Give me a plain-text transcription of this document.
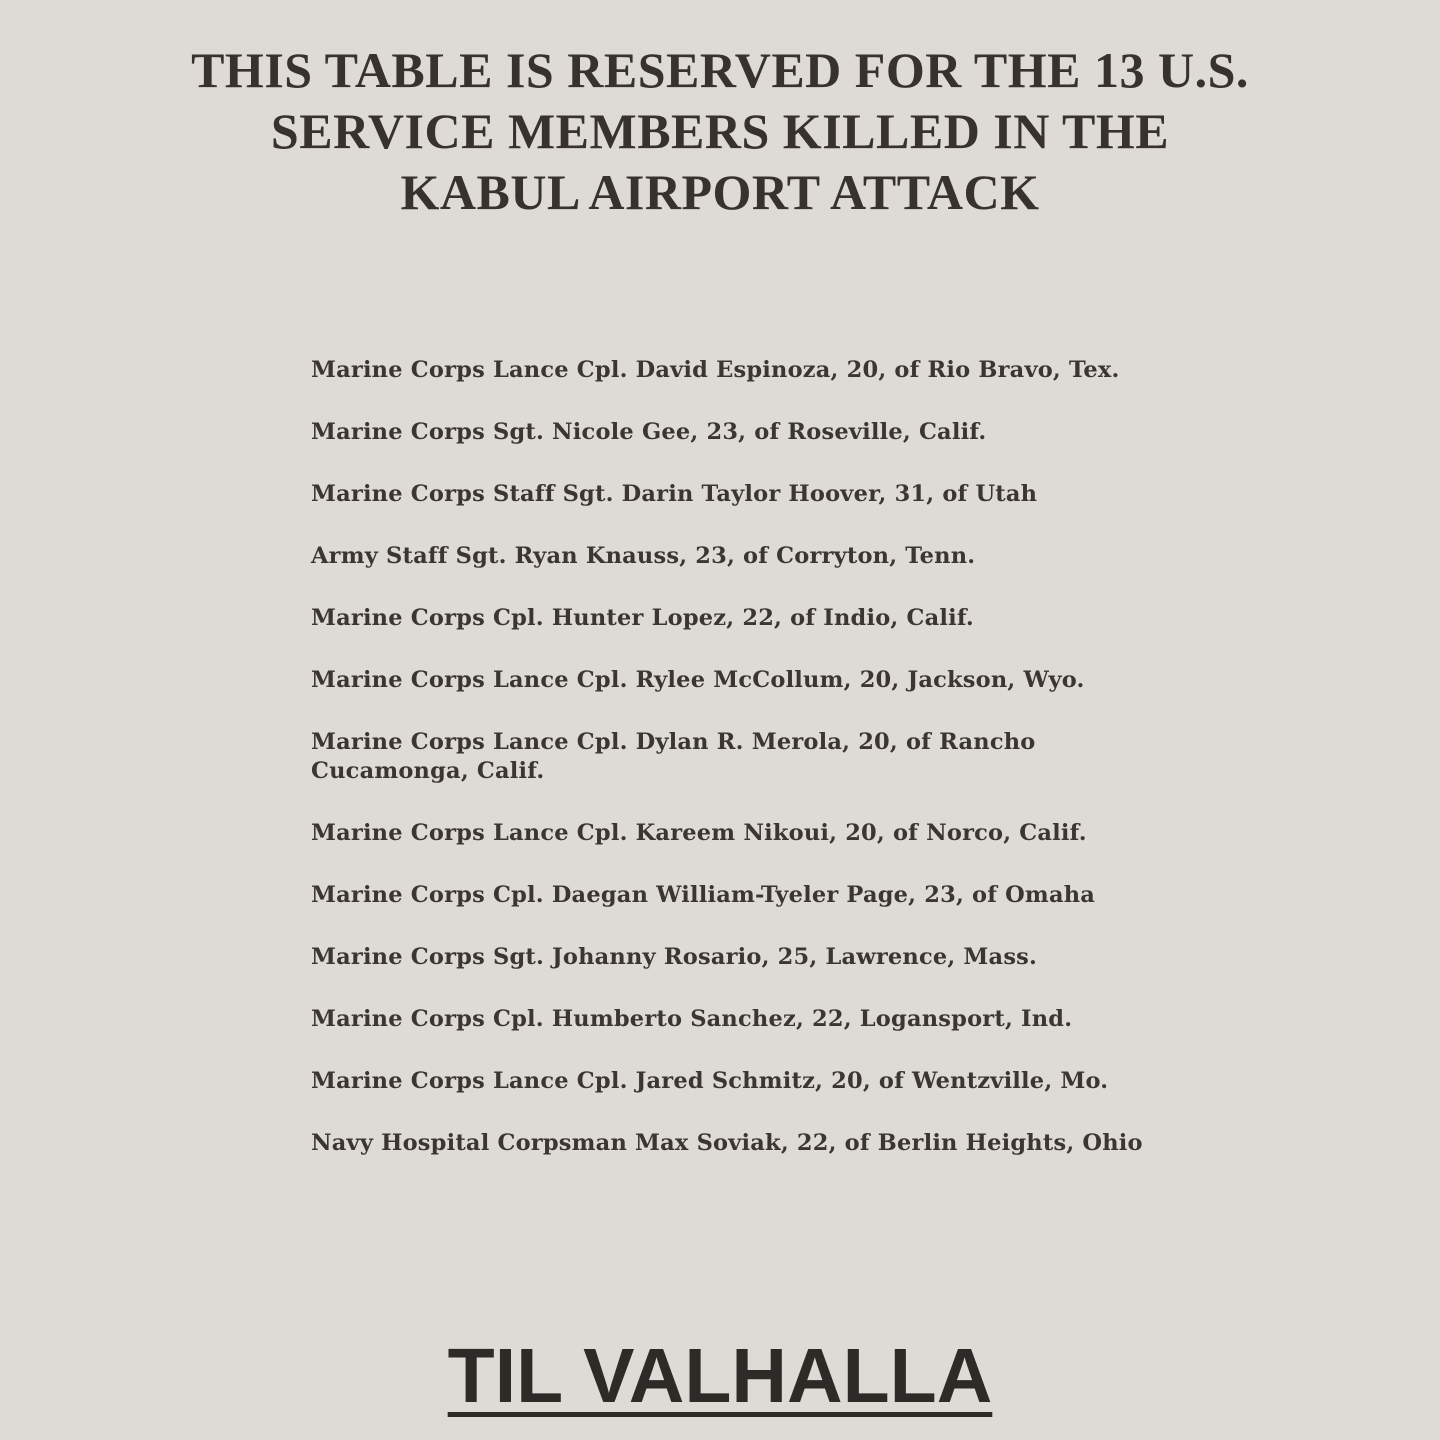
THIS TABLE IS RESERVED FOR THE 13 U.S.
SERVICE MEMBERS KILLED IN THE
KABUL AIRPORT ATTACK
Marine Corps Lance Cpl. David Espinoza, 20, of Rio Bravo, Tex.
Marine Corps Sgt. Nicole Gee, 23, of Roseville, Calif.
Marine Corps Staff Sgt. Darin Taylor Hoover, 31, of Utah
Army Staff Sgt. Ryan Knauss, 23, of Corryton, Tenn.
Marine Corps Cpl. Hunter Lopez, 22, of Indio, Calif.
Marine Corps Lance Cpl. Rylee McCollum, 20, Jackson, Wyo.
Marine Corps Lance Cpl. Dylan R. Merola, 20, of Rancho Cucamonga, Calif.
Marine Corps Lance Cpl. Kareem Nikoui, 20, of Norco, Calif.
Marine Corps Cpl. Daegan William-Tyeler Page, 23, of Omaha
Marine Corps Sgt. Johanny Rosario, 25, Lawrence, Mass.
Marine Corps Cpl. Humberto Sanchez, 22, Logansport, Ind.
Marine Corps Lance Cpl. Jared Schmitz, 20, of Wentzville, Mo.
Navy Hospital Corpsman Max Soviak, 22, of Berlin Heights, Ohio
TIL VALHALLA
